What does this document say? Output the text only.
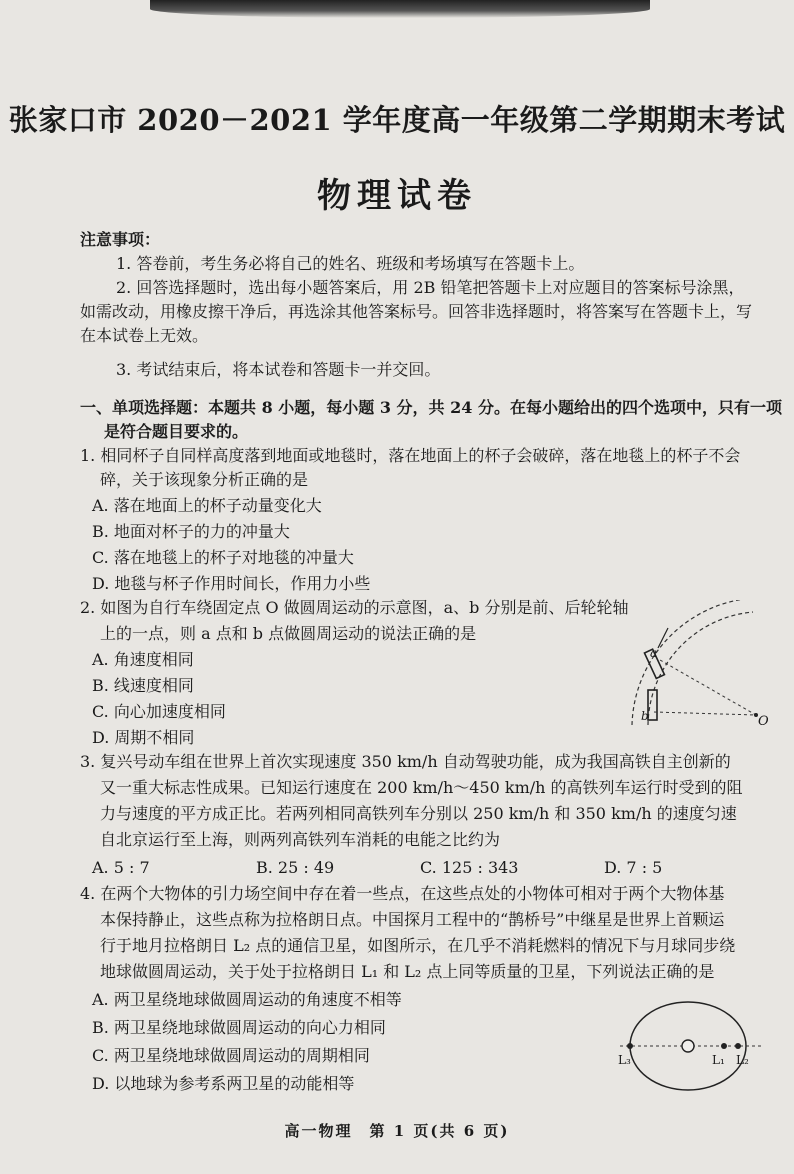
张家口市 2020－2021 学年度高一年级第二学期期末考试
物理试卷
注意事项：
1. 答卷前，考生务必将自己的姓名、班级和考场填写在答题卡上。
2. 回答选择题时，选出每小题答案后，用 2B 铅笔把答题卡上对应题目的答案标号涂黑，
如需改动，用橡皮擦干净后，再选涂其他答案标号。回答非选择题时，将答案写在答题卡上，写
在本试卷上无效。
3. 考试结束后，将本试卷和答题卡一并交回。
一、单项选择题：本题共 8 小题，每小题 3 分，共 24 分。在每小题给出的四个选项中，只有一项
是符合题目要求的。
1. 相同杯子自同样高度落到地面或地毯时，落在地面上的杯子会破碎，落在地毯上的杯子不会
碎，关于该现象分析正确的是
A. 落在地面上的杯子动量变化大
B. 地面对杯子的力的冲量大
C. 落在地毯上的杯子对地毯的冲量大
D. 地毯与杯子作用时间长，作用力小些
2. 如图为自行车绕固定点 O 做圆周运动的示意图，a、b 分别是前、后轮轮轴
上的一点，则 a 点和 b 点做圆周运动的说法正确的是
A. 角速度相同
B. 线速度相同
C. 向心加速度相同
D. 周期不相同
a
b	O
3. 复兴号动车组在世界上首次实现速度 350 km/h 自动驾驶功能，成为我国高铁自主创新的
又一重大标志性成果。已知运行速度在 200 km/h～450 km/h 的高铁列车运行时受到的阻
力与速度的平方成正比。若两列相同高铁列车分别以 250 km/h 和 350 km/h 的速度匀速
自北京运行至上海，则两列高铁列车消耗的电能之比约为
A. 5 : 7	B. 25 : 49	C. 125 : 343	D. 7 : 5
4. 在两个大物体的引力场空间中存在着一些点，在这些点处的小物体可相对于两个大物体基
本保持静止，这些点称为拉格朗日点。中国探月工程中的“鹊桥号”中继星是世界上首颗运
行于地月拉格朗日 L₂ 点的通信卫星，如图所示，在几乎不消耗燃料的情况下与月球同步绕
地球做圆周运动，关于处于拉格朗日 L₁ 和 L₂ 点上同等质量的卫星，下列说法正确的是
A. 两卫星绕地球做圆周运动的角速度不相等
B. 两卫星绕地球做圆周运动的向心力相同
C. 两卫星绕地球做圆周运动的周期相同
D. 以地球为参考系两卫星的动能相等
L₃	L₁ L₂
高一物理　第 1 页(共 6 页)
